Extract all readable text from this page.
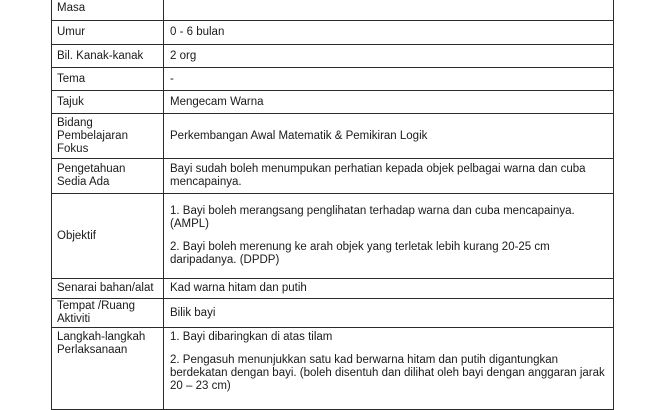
Masa	

Umur	0 - 6 bulan

Bil. Kanak-kanak	2 org

Tema	-

Tajuk	Mengecam Warna

Bidang Pembelajaran Fokus	Perkembangan Awal Matematik & Pemikiran Logik

Pengetahuan Sedia Ada	Bayi sudah boleh menumpukan perhatian kepada objek pelbagai warna dan cuba mencapainya.

Objektif	1. Bayi boleh merangsang penglihatan terhadap warna dan cuba mencapainya. (AMPL)
2. Bayi boleh merenung ke arah objek yang terletak lebih kurang 20-25 cm daripadanya. (DPDP)

Senarai bahan/alat	Kad warna hitam dan putih

Tempat /Ruang Aktiviti	Bilik bayi

Langkah-langkah Perlaksanaan	1. Bayi dibaringkan di atas tilam
2. Pengasuh menunjukkan satu kad berwarna hitam dan putih digantungkan berdekatan dengan bayi. (boleh disentuh dan dilihat oleh bayi dengan anggaran jarak 20 – 23 cm)
